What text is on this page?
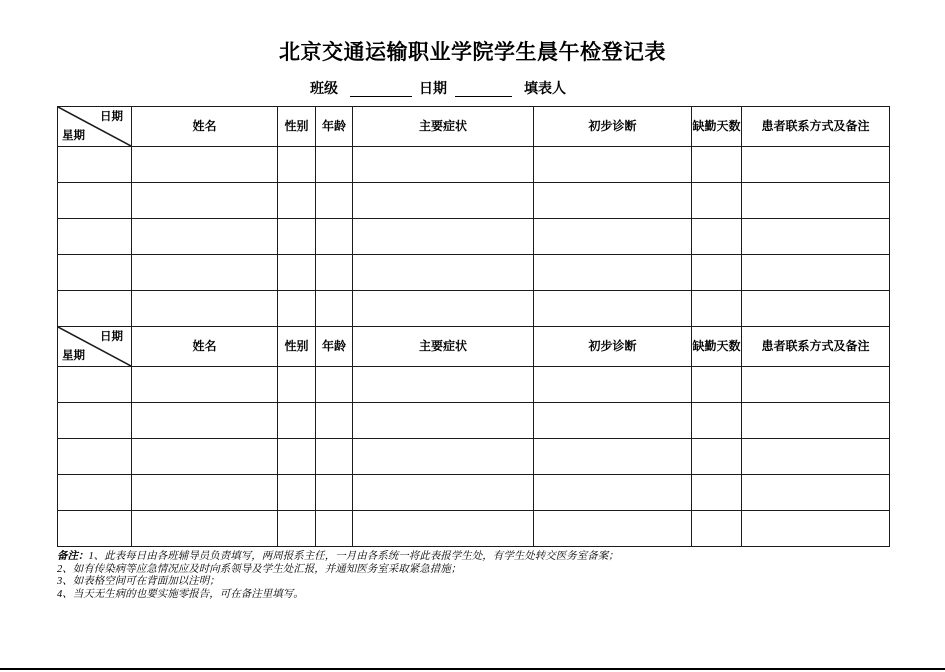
北京交通运输职业学院学生晨午检登记表
班级	日期	填表人
日期
星期	姓名	性别	年龄	主要症状	初步诊断	缺勤天数	患者联系方式及备注

日期
星期	姓名	性别	年龄	主要症状	初步诊断	缺勤天数	患者联系方式及备注

备注：1、此表每日由各班辅导员负责填写，两周报系主任，一月由各系统一将此表报学生处，有学生处转交医务室备案；
2、如有传染病等应急情况应及时向系领导及学生处汇报，并通知医务室采取紧急措施；
3、如表格空间可在背面加以注明；
4、当天无生病的也要实施零报告，可在备注里填写。
